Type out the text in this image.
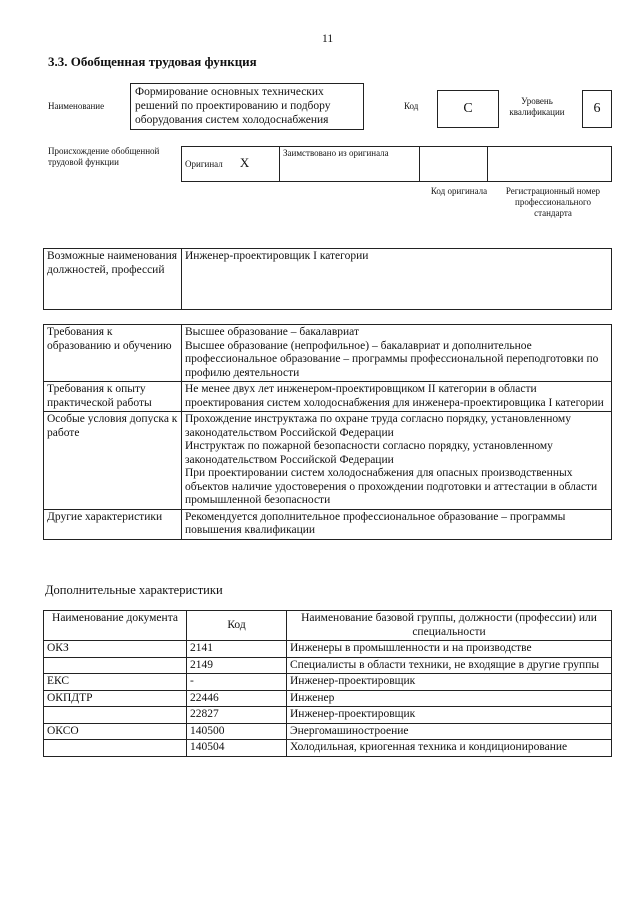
11
3.3. Обобщенная трудовая функция
Наименование
Формирование основных технических решений по проектированию и подбору оборудования систем холодоснабжения
Код	C	Уровень квалификации	6
Происхождение обобщенной трудовой функции	Оригинал X	Заимствовано из оригинала		
Код оригинала	Регистрационный номер профессионального стандарта
Возможные наименования должностей, профессий	Инженер-проектировщик I категории
Требования к образованию и обучению	Высшее образование – бакалавриат
Высшее образование (непрофильное) – бакалавриат и дополнительное профессиональное образование – программы профессиональной переподготовки по профилю деятельности
Требования к опыту практической работы	Не менее двух лет инженером-проектировщиком II категории в области проектирования систем холодоснабжения для инженера-проектировщика I категории
Особые условия допуска к работе	Прохождение инструктажа по охране труда согласно порядку, установленному законодательством Российской Федерации
Инструктаж по пожарной безопасности согласно порядку, установленному законодательством Российской Федерации
При проектировании систем холодоснабжения для опасных производственных объектов наличие удостоверения о прохождении подготовки и аттестации в области промышленной безопасности
Другие характеристики	Рекомендуется дополнительное профессиональное образование – программы повышения квалификации
Дополнительные характеристики
Наименование документа	Код	Наименование базовой группы, должности (профессии) или специальности
ОКЗ	2141	Инженеры в промышленности и на производстве
	2149	Специалисты в области техники, не входящие в другие группы
ЕКС	-	Инженер-проектировщик
ОКПДТР	22446	Инженер
	22827	Инженер-проектировщик
ОКСО	140500	Энергомашиностроение
	140504	Холодильная, криогенная техника и кондиционирование
